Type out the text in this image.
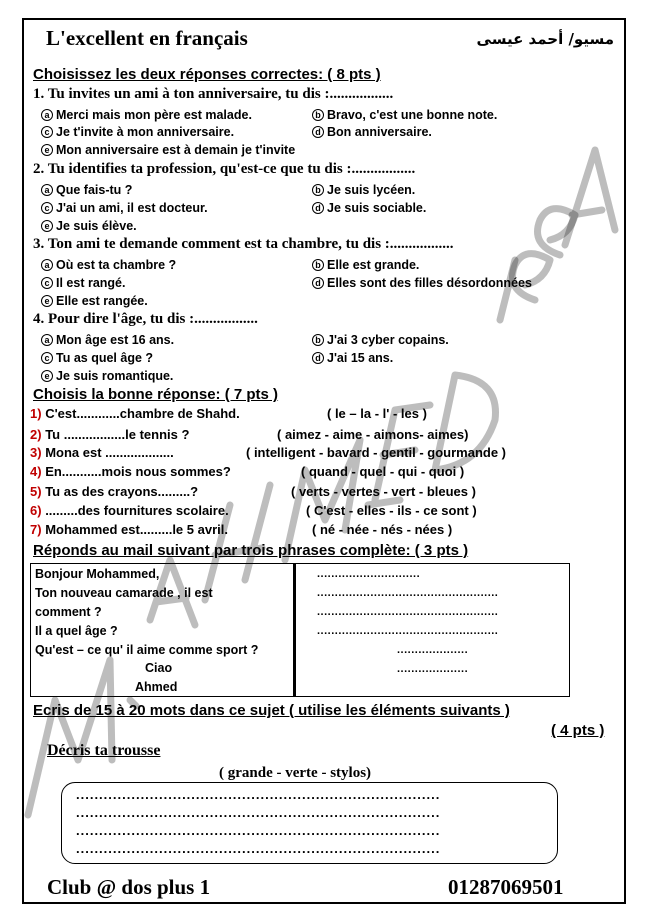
L'excellent en français	مسيو/ أحمد عيسى
Choisissez les deux réponses correctes: ( 8 pts )
1. Tu invites un ami à ton anniversaire, tu dis :.................
a Merci mais mon père est malade.	b Bravo, c'est une bonne note.
c Je t'invite à mon anniversaire.	d Bon anniversaire.
e Mon anniversaire est à demain je t'invite
2. Tu identifies ta profession, qu'est-ce que tu dis :.................
a Que fais-tu ?	b Je suis lycéen.
c J'ai un ami, il est docteur.	d Je suis sociable.
e Je suis élève.
3. Ton ami te demande comment est ta chambre, tu dis :.................
a Où est ta chambre ?	b Elle est grande.
c Il est rangé.	d Elles sont des filles désordonnées
e Elle est rangée.
4. Pour dire l'âge, tu dis :.................
a Mon âge est 16 ans.	b J'ai 3 cyber copains.
c Tu as quel âge ?	d J'ai 15 ans.
e Je suis romantique.
Choisis la bonne réponse: ( 7 pts )
1) C'est............chambre de Shahd.	( le – la - l' - les )
2) Tu .................le tennis ?	( aimez - aime - aimons- aimes)
3) Mona est ...................	( intelligent - bavard - gentil - gourmande )
4) En...........mois nous sommes?	( quand - quel - qui - quoi )
5) Tu as des crayons.........?	( verts - vertes - vert - bleues )
6) .........des fournitures scolaire.	( C'est - elles - ils - ce sont )
7) Mohammed est.........le 5 avril.	( né - née - nés - nées )
Réponds au mail suivant par trois phrases complète: ( 3 pts )
Bonjour Mohammed,
Ton nouveau camarade , il est
comment ?
Il a quel âge ?
Qu'est – ce qu' il aime comme sport ?
Ciao
Ahmed
.............................
...................................................
...................................................
...................................................
....................
....................
Ecris de 15 à 20 mots dans ce sujet ( utilise les éléments suivants )
( 4 pts )
Décris ta trousse
( grande - verte - stylos)
...............................................................................
...............................................................................
...............................................................................
...............................................................................
Club @ dos plus 1	01287069501
